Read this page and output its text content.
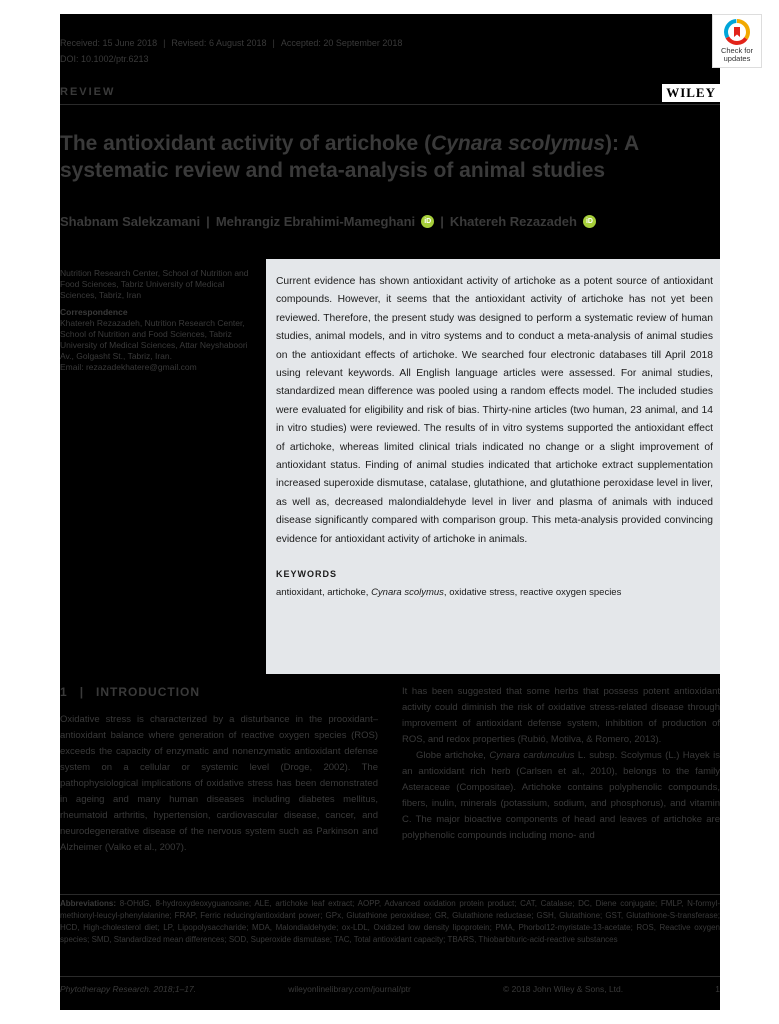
Received: 15 June 2018 | Revised: 6 August 2018 | Accepted: 20 September 2018
DOI: 10.1002/ptr.6213
REVIEW	WILEY
The antioxidant activity of artichoke (Cynara scolymus): A systematic review and meta-analysis of animal studies
Shabnam Salekzamani | Mehrangiz Ebrahimi-Mameghani	iD | Khatereh Rezazadeh	iD
Nutrition Research Center, School of Nutrition and Food Sciences, Tabriz University of Medical Sciences, Tabriz, Iran
Correspondence
Khatereh Rezazadeh, Nutrition Research Center, School of Nutrition and Food Sciences, Tabriz University of Medical Sciences, Attar Neyshaboori Av., Golgasht St., Tabriz, Iran.
Email: rezazadekhatere@gmail.com

Current evidence has shown antioxidant activity of artichoke as a potent source of antioxidant compounds. However, it seems that the antioxidant activity of artichoke has not yet been reviewed. Therefore, the present study was designed to perform a systematic review of human studies, animal models, and in vitro systems and to conduct a meta-analysis of animal studies on the antioxidant effects of artichoke. We searched four electronic databases till April 2018 using relevant keywords. All English language articles were assessed. For animal studies, standardized mean difference was pooled using a random effects model. The included studies were evaluated for eligibility and risk of bias. Thirty-nine articles (two human, 23 animal, and 14 in vitro studies) were reviewed. The results of in vitro systems supported the antioxidant effect of artichoke, whereas limited clinical trials indicated no change or a slight improvement of antioxidant status. Finding of animal studies indicated that artichoke extract supplementation increased superoxide dismutase, catalase, glutathione, and glutathione peroxidase level in liver, as well as, decreased malondialdehyde level in liver and plasma of animals with induced disease significantly compared with comparison group. This meta-analysis provided convincing evidence for antioxidant activity of artichoke in animals.

KEYWORDS
antioxidant, artichoke, Cynara scolymus, oxidative stress, reactive oxygen species
1 | INTRODUCTION

Oxidative stress is characterized by a disturbance in the prooxidant–antioxidant balance where generation of reactive oxygen species (ROS) exceeds the capacity of enzymatic and nonenzymatic antioxidant defense system on a cellular or systemic level (Droge, 2002). The pathophysiological implications of oxidative stress has been demonstrated in ageing and many human diseases including diabetes mellitus, rheumatoid arthritis, hypertension, cardiovascular disease, cancer, and neurodegenerative disease of the nervous system such as Parkinson and Alzheimer (Valko et al., 2007).

It has been suggested that some herbs that possess potent antioxidant activity could diminish the risk of oxidative stress-related disease through improvement of antioxidant defense system, inhibition of production of ROS, and redox properties (Rubió, Motilva, & Romero, 2013).

Globe artichoke, Cynara cardunculus L. subsp. Scolymus (L.) Hayek is an antioxidant rich herb (Carlsen et al., 2010), belongs to the family Asteraceae (Compositae). Artichoke contains polyphenolic compounds, fibers, inulin, minerals (potassium, sodium, and phosphorus), and vitamin C. The major bioactive components of head and leaves of artichoke are polyphenolic compounds including mono- and

Abbreviations: 8-OHdG, 8-hydroxydeoxyguanosine; ALE, artichoke leaf extract; AOPP, Advanced oxidation protein product; CAT, Catalase; DC, Diene conjugate; FMLP, N-formyl-methionyl-leucyl-phenylalanine; FRAP, Ferric reducing/antioxidant power; GPx, Glutathione peroxidase; GR, Glutathione reductase; GSH, Glutathione; GST, Glutathione-S-transferase; HCD, High-cholesterol diet; LP, Lipopolysaccharide; MDA, Malondialdehyde; ox-LDL, Oxidized low density lipoprotein; PMA, Phorbol12-myristate-13-acetate; ROS, Reactive oxygen species; SMD, Standardized mean differences; SOD, Superoxide dismutase; TAC, Total antioxidant capacity; TBARS, Thiobarbituric-acid-reactive substances
Phytotherapy Research. 2018;1–17.	wileyonlinelibrary.com/journal/ptr	© 2018 John Wiley & Sons, Ltd.	1
Check for
updates
